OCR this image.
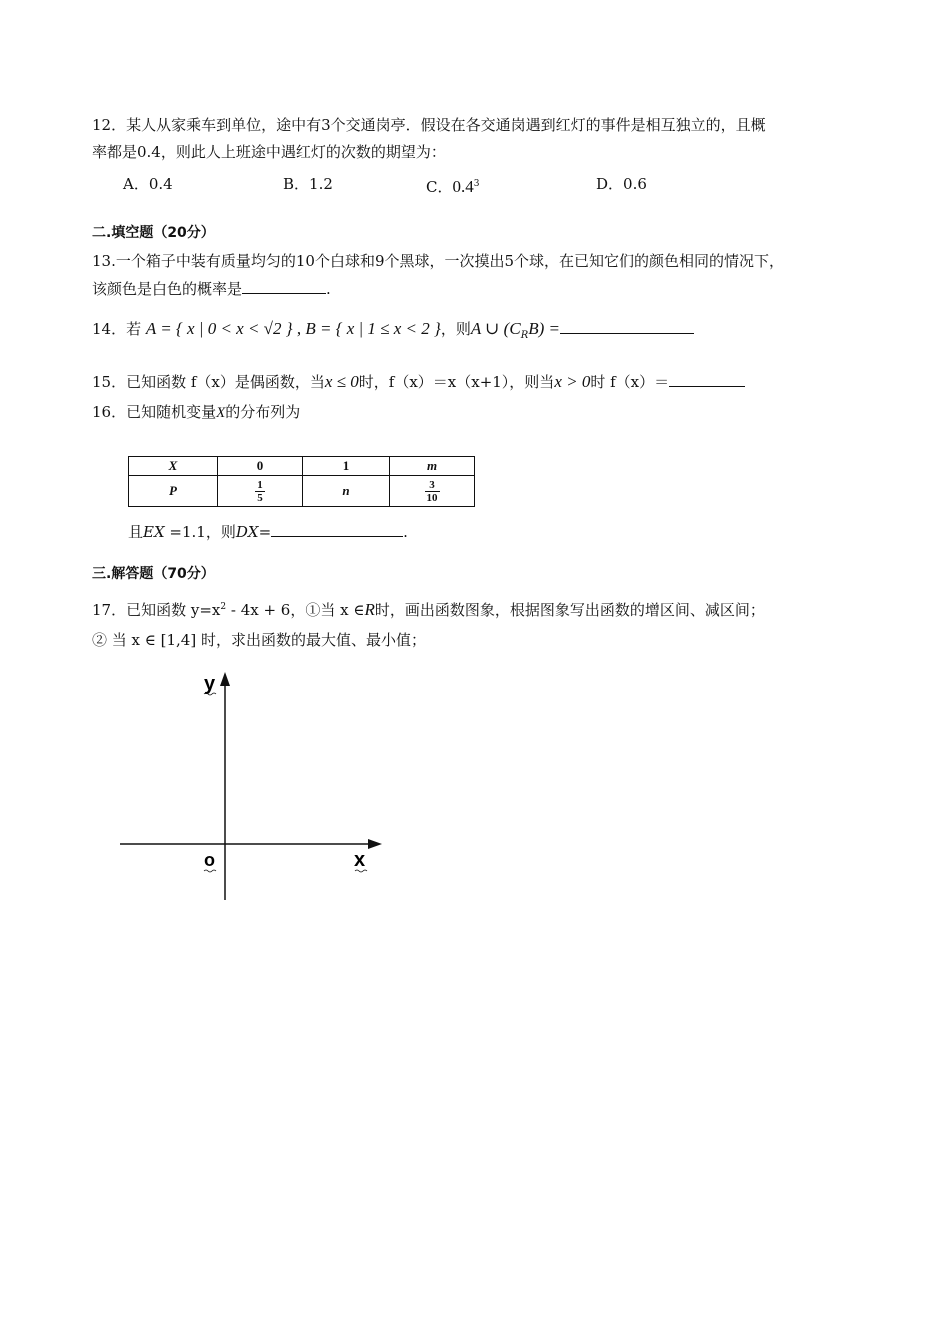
12．某人从家乘车到单位，途中有3个交通岗亭．假设在各交通岗遇到红灯的事件是相互独立的，且概
率都是0.4，则此人上班途中遇红灯的次数的期望为：
A．0.4	B．1.2	C．$0.4^3$	D．0.6
二.填空题（20分）
13.一个箱子中装有质量均匀的10个白球和9个黑球，一次摸出5个球，在已知它们的颜色相同的情况下，
该颜色是白色的概率是	.
14．若 A = { x | 0 < x < √2 } , B = { x | 1 ≤ x < 2 }，则A ∪ $(C_RB)$ =
15．已知函数 f（x）是偶函数，当x ≤ 0时，f（x）＝x（x+1），则当x > 0时 f（x）＝
16．已知随机变量X的分布列为
X	0	1	m
P	$\frac{1}{5}$	n	$\frac{3}{10}$
且EX =1.1，则DX=	.
三.解答题（70分）
17．已知函数 $y=x^2 - 4x + 6$，①当 x ∈R时，画出函数图象，根据图象写出函数的增区间、减区间；
② 当 x ∈ [1,4] 时，求出函数的最大值、最小值；
y
o	x
